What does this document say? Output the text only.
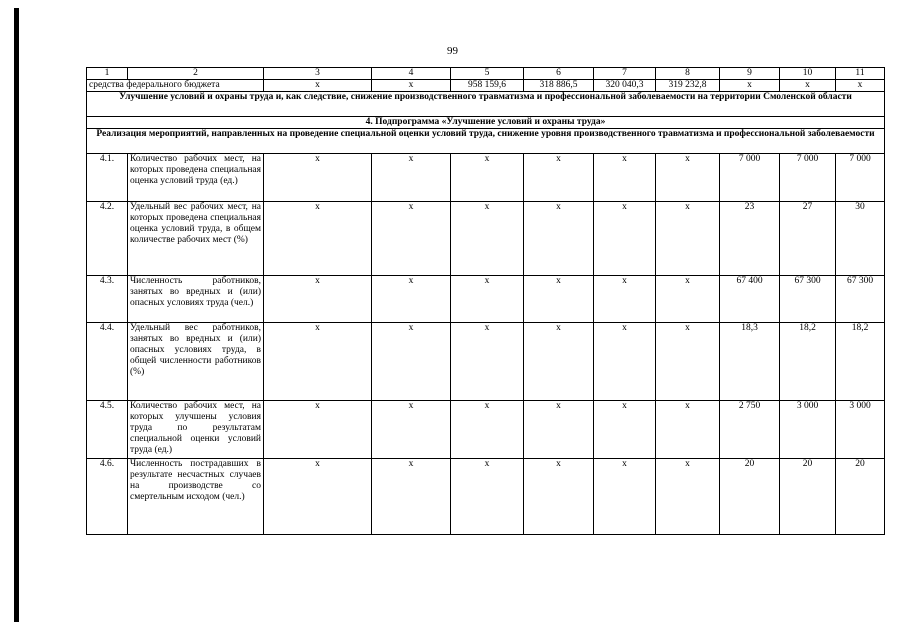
99
1	2	3	4	5	6	7	8	9	10	11
средства федерального бюджета		х	х	958 159,6	318 886,5	320 040,3	319 232,8	х	х	х
Улучшение условий и охраны труда и, как следствие, снижение производственного травматизма и профессиональной заболеваемости на территории Смоленской области										
4. Подпрограмма «Улучшение условий и охраны труда»										
Реализация мероприятий, направленных на проведение специальной оценки условий труда, снижение уровня производственного травматизма и профессиональной заболеваемости										
4.1.	Количество рабочих мест, на которых проведена специальная оценка условий труда (ед.)	х	х	х	х	х	х	7 000	7 000	7 000
4.2.	Удельный вес рабочих мест, на которых проведена специальная оценка условий труда, в общем количестве рабочих мест (%)	х	х	х	х	х	х	23	27	30
4.3.	Численность работников, занятых во вредных и (или) опасных условиях труда (чел.)	х	х	х	х	х	х	67 400	67 300	67 300
4.4.	Удельный вес работников, занятых во вредных и (или) опасных условиях труда, в общей численности работников (%)	х	х	х	х	х	х	18,3	18,2	18,2
4.5.	Количество рабочих мест, на которых улучшены условия труда по результатам специальной оценки условий труда (ед.)	х	х	х	х	х	х	2 750	3 000	3 000
4.6.	Численность пострадавших в результате несчастных случаев на производстве со смертельным исходом (чел.)	х	х	х	х	х	х	20	20	20
